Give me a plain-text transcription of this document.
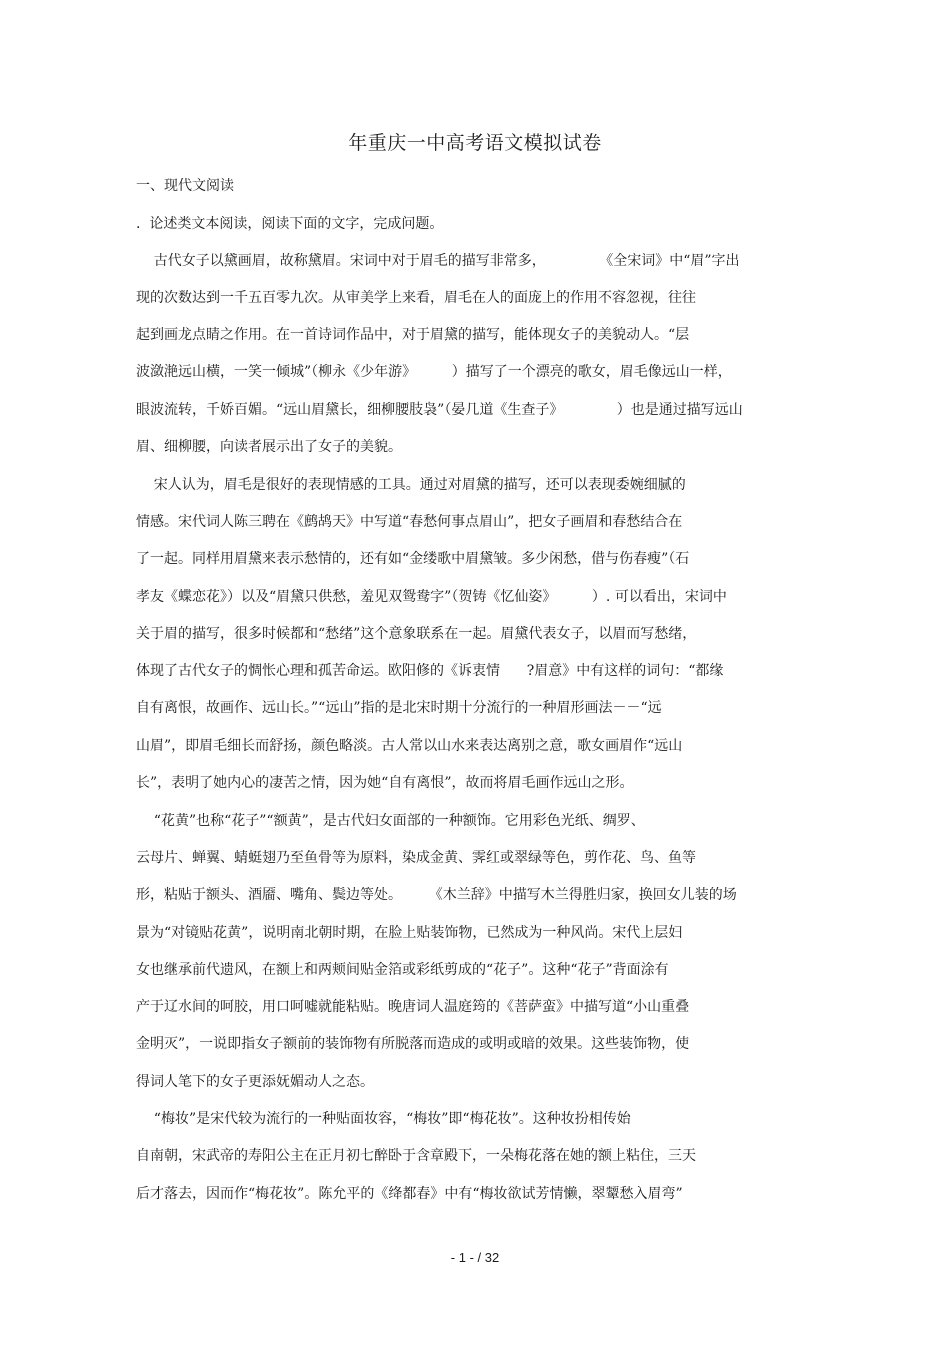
年重庆一中高考语文模拟试卷
一、现代文阅读
.  论述类文本阅读，阅读下面的文字，完成问题。
古代女子以黛画眉，故称黛眉。宋词中对于眉毛的描写非常多，            《全宋词》中“眉”字出
现的次数达到一千五百零九次。从审美学上来看，眉毛在人的面庞上的作用不容忽视，往往
起到画龙点睛之作用。在一首诗词作品中，对于眉黛的描写，能体现女子的美貌动人。“层
波潋滟远山横，一笑一倾城”（柳永《少年游》        ）描写了一个漂亮的歌女，眉毛像远山一样，
眼波流转，千娇百媚。“远山眉黛长，细柳腰肢袅”（晏几道《生查子》            ）也是通过描写远山
眉、细柳腰，向读者展示出了女子的美貌。
宋人认为，眉毛是很好的表现情感的工具。通过对眉黛的描写，还可以表现委婉细腻的
情感。宋代词人陈三聘在《鹧鸪天》中写道“春愁何事点眉山”，把女子画眉和春愁结合在
了一起。同样用眉黛来表示愁情的，还有如“金缕歌中眉黛皱。多少闲愁，借与伤春瘦”（石
孝友《蝶恋花》）以及“眉黛只供愁，羞见双鸳鸯字”（贺铸《忆仙姿》        ）. 可以看出，宋词中
关于眉的描写，很多时候都和“愁绪”这个意象联系在一起。眉黛代表女子，以眉而写愁绪，
体现了古代女子的惆怅心理和孤苦命运。欧阳修的《诉衷情      ?眉意》中有这样的词句：“都缘
自有离恨，故画作、远山长。”“远山”指的是北宋时期十分流行的一种眉形画法－－“远
山眉”，即眉毛细长而舒扬，颜色略淡。古人常以山水来表达离别之意，歌女画眉作“远山
长”，表明了她内心的凄苦之情，因为她“自有离恨”，故而将眉毛画作远山之形。
“花黄”也称“花子”“额黄”，是古代妇女面部的一种额饰。它用彩色光纸、绸罗、
云母片、蝉翼、蜻蜓翅乃至鱼骨等为原料，染成金黄、霁红或翠绿等色，剪作花、鸟、鱼等
形，粘贴于额头、酒靥、嘴角、鬓边等处。      《木兰辞》中描写木兰得胜归家，换回女儿装的场
景为“对镜贴花黄”，说明南北朝时期，在脸上贴装饰物，已然成为一种风尚。宋代上层妇
女也继承前代遗风，在额上和两颊间贴金箔或彩纸剪成的“花子”。这种“花子”背面涂有
产于辽水间的呵胶，用口呵嘘就能粘贴。晚唐词人温庭筠的《菩萨蛮》中描写道“小山重叠
金明灭”，一说即指女子额前的装饰物有所脱落而造成的或明或暗的效果。这些装饰物，使
得词人笔下的女子更添妩媚动人之态。
“梅妆”是宋代较为流行的一种贴面妆容，“梅妆”即“梅花妆”。这种妆扮相传始
自南朝，宋武帝的寿阳公主在正月初七醉卧于含章殿下，一朵梅花落在她的额上粘住，三天
后才落去，因而作“梅花妆”。陈允平的《绛都春》中有“梅妆欲试芳情懒，翠颦愁入眉弯”
- 1 - / 32
